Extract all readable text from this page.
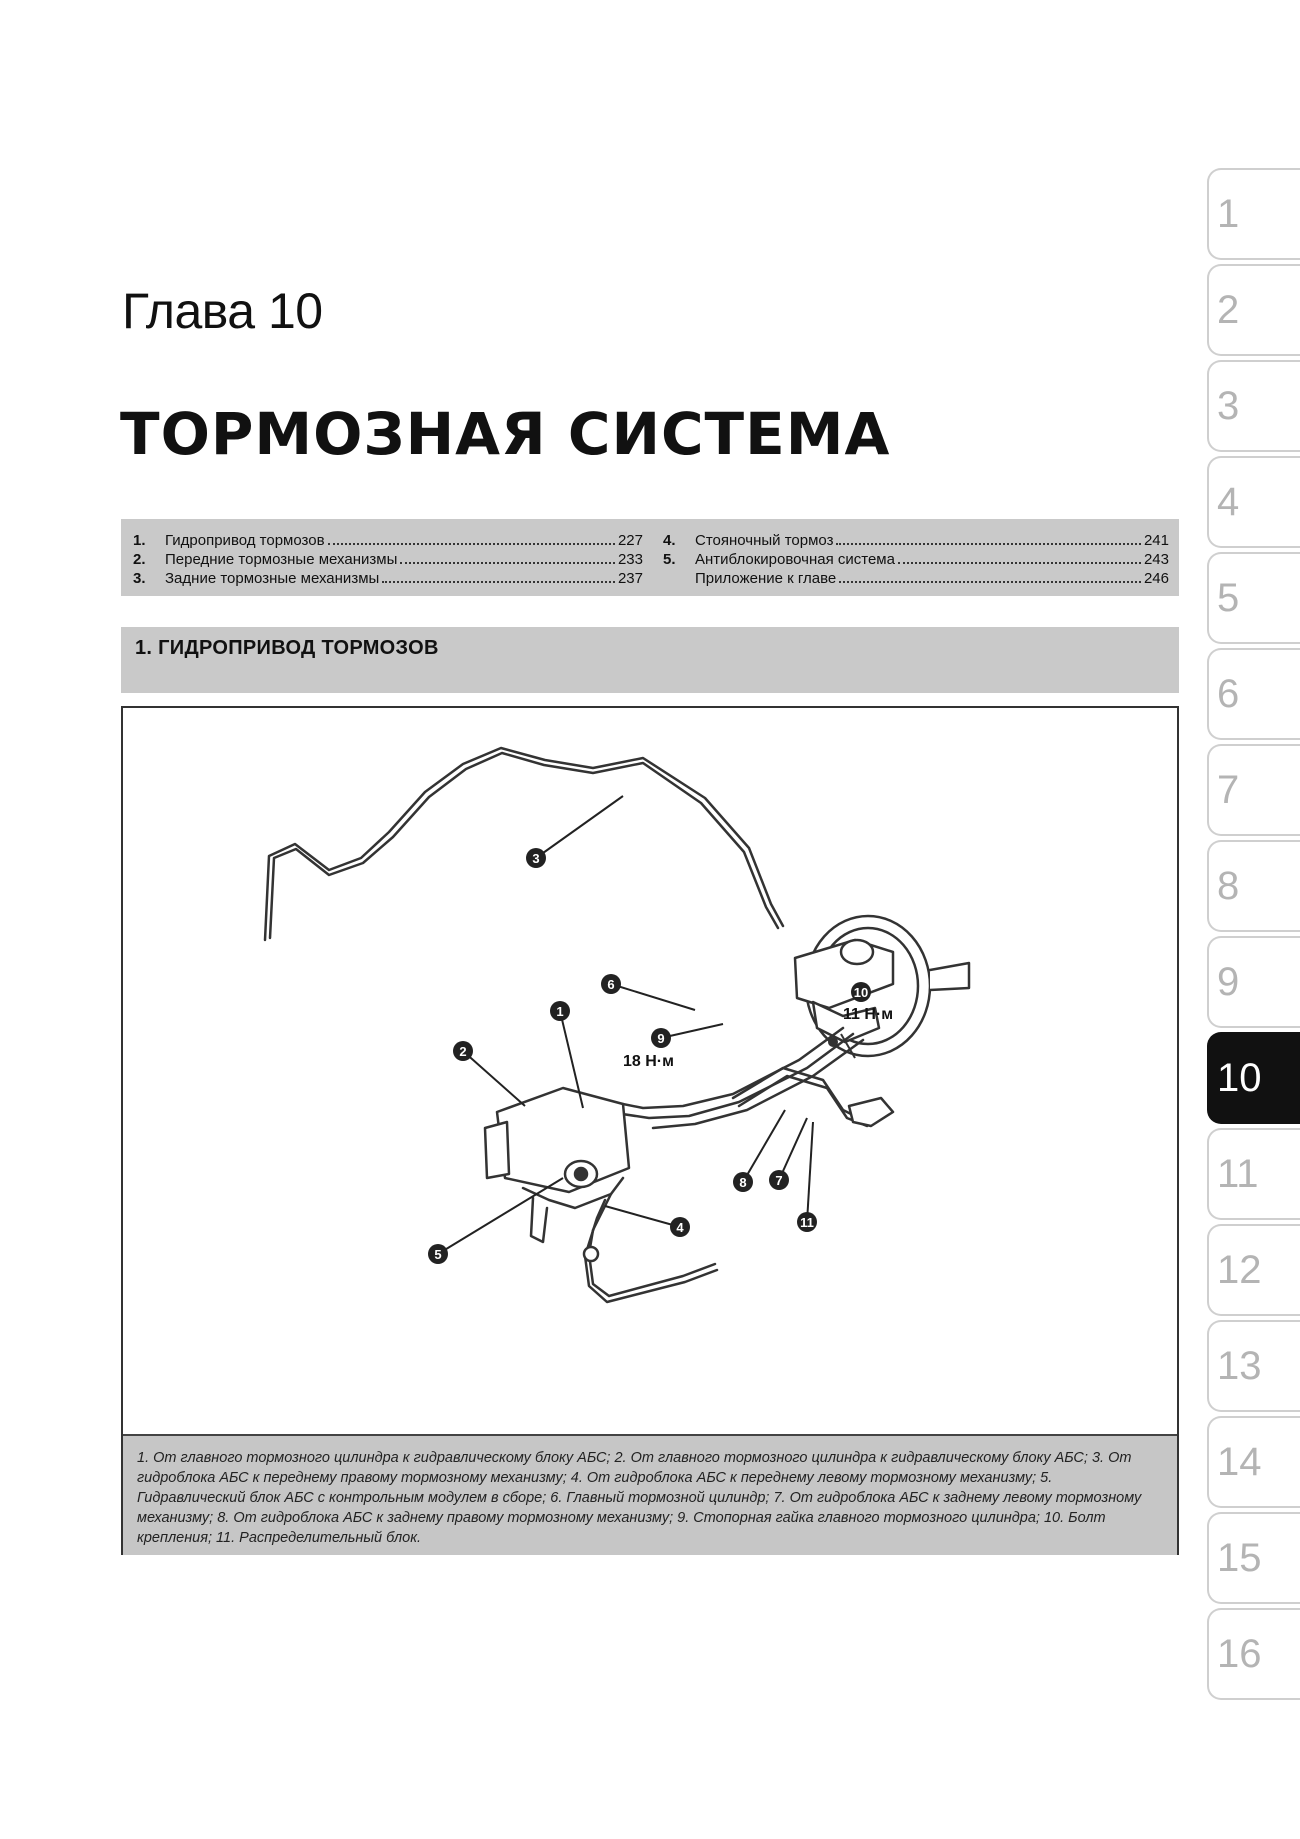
Глава 10
ТОРМОЗНАЯ СИСТЕМА
1.	Гидропривод тормозов	227
2.	Передние тормозные механизмы	233
3.	Задние тормозные механизмы	237
4.	Стояночный тормоз	241
5.	Антиблокировочная система	243
Приложение к главе	246
1. ГИДРОПРИВОД ТОРМОЗОВ
1
2
3
4
5
6
7
8
9
10
11
18 Н·м
11 Н·м

1. От главного тормозного цилиндра к гидравлическому блоку АБС; 2. От главного тормозного цилиндра к гидравлическому блоку АБС; 3. От гидроблока АБС к переднему правому тормозному механизму; 4. От гидроблока АБС к переднему левому тормозному механизму; 5. Гидравлический блок АБС с контрольным модулем в сборе; 6. Главный тормозной цилиндр; 7. От гидроблока АБС к заднему левому тормозному механизму; 8. От гидроблока АБС к заднему правому тормозному механизму; 9. Стопорная гайка главного тормозного цилиндра; 10. Болт крепления; 11. Распределительный блок.

1
2
3
4
5
6
7
8
9
10
11
12
13
14
15
16
